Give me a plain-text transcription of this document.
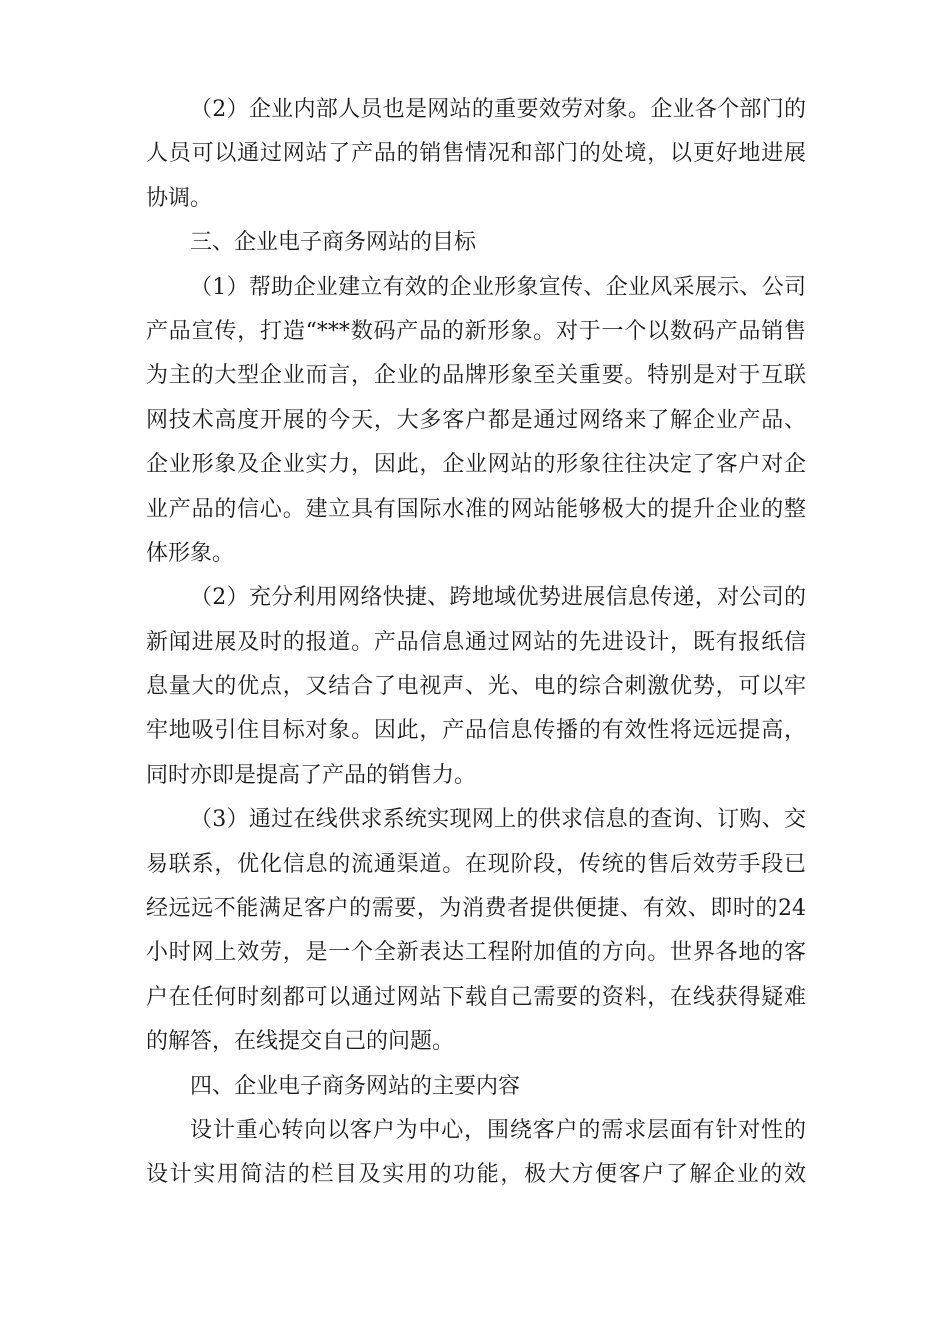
（2）企业内部人员也是网站的重要效劳对象。企业各个部门的
人员可以通过网站了产品的销售情况和部门的处境，以更好地进展
协调。
三、企业电子商务网站的目标
（1）帮助企业建立有效的企业形象宣传、企业风采展示、公司
产品宣传，打造“***数码产品的新形象。对于一个以数码产品销售
为主的大型企业而言，企业的品牌形象至关重要。特别是对于互联
网技术高度开展的今天，大多客户都是通过网络来了解企业产品、
企业形象及企业实力，因此，企业网站的形象往往决定了客户对企
业产品的信心。建立具有国际水准的网站能够极大的提升企业的整
体形象。
（2）充分利用网络快捷、跨地域优势进展信息传递，对公司的
新闻进展及时的报道。产品信息通过网站的先进设计，既有报纸信
息量大的优点，又结合了电视声、光、电的综合刺激优势，可以牢
牢地吸引住目标对象。因此，产品信息传播的有效性将远远提高，
同时亦即是提高了产品的销售力。
（3）通过在线供求系统实现网上的供求信息的查询、订购、交
易联系，优化信息的流通渠道。在现阶段，传统的售后效劳手段已
经远远不能满足客户的需要，为消费者提供便捷、有效、即时的24
小时网上效劳，是一个全新表达工程附加值的方向。世界各地的客
户在任何时刻都可以通过网站下载自己需要的资料，在线获得疑难
的解答，在线提交自己的问题。
四、企业电子商务网站的主要内容
设计重心转向以客户为中心，围绕客户的需求层面有针对性的
设计实用简洁的栏目及实用的功能，极大方便客户了解企业的效
